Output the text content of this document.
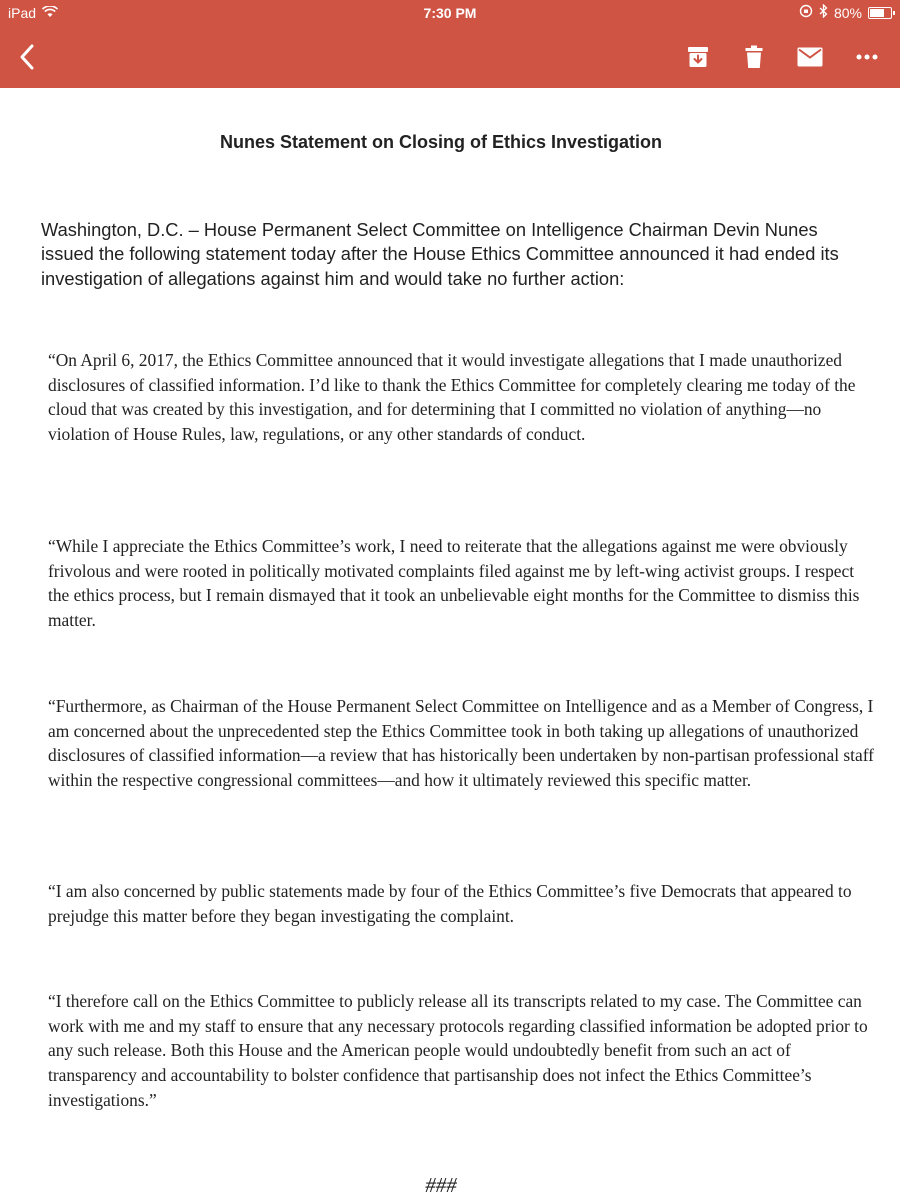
iPad	7:30 PM	80%
Nunes Statement on Closing of Ethics Investigation
Washington, D.C. – House Permanent Select Committee on Intelligence Chairman Devin Nunes issued the following statement today after the House Ethics Committee announced it had ended its investigation of allegations against him and would take no further action:
“On April 6, 2017, the Ethics Committee announced that it would investigate allegations that I made unauthorized disclosures of classified information. I’d like to thank the Ethics Committee for completely clearing me today of the cloud that was created by this investigation, and for determining that I committed no violation of anything—no violation of House Rules, law, regulations, or any other standards of conduct.
“While I appreciate the Ethics Committee’s work, I need to reiterate that the allegations against me were obviously frivolous and were rooted in politically motivated complaints filed against me by left-wing activist groups. I respect the ethics process, but I remain dismayed that it took an unbelievable eight months for the Committee to dismiss this matter.
“Furthermore, as Chairman of the House Permanent Select Committee on Intelligence and as a Member of Congress, I am concerned about the unprecedented step the Ethics Committee took in both taking up allegations of unauthorized disclosures of classified information—a review that has historically been undertaken by non-partisan professional staff within the respective congressional committees—and how it ultimately reviewed this specific matter.
“I am also concerned by public statements made by four of the Ethics Committee’s five Democrats that appeared to prejudge this matter before they began investigating the complaint.
“I therefore call on the Ethics Committee to publicly release all its transcripts related to my case. The Committee can work with me and my staff to ensure that any necessary protocols regarding classified information be adopted prior to any such release. Both this House and the American people would undoubtedly benefit from such an act of transparency and accountability to bolster confidence that partisanship does not infect the Ethics Committee’s investigations.”
###
